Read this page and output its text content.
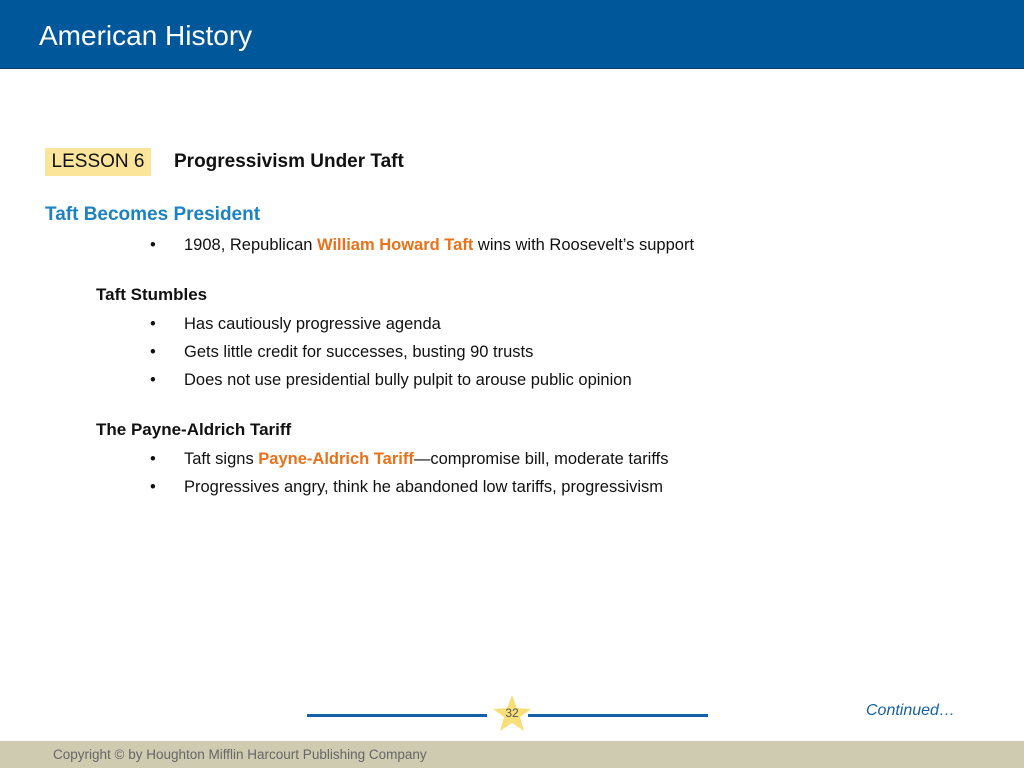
American History
LESSON 6	Progressivism Under Taft
Taft Becomes President
•	1908, Republican William Howard Taft wins with Roosevelt’s support
Taft Stumbles
•	Has cautiously progressive agenda
•	Gets little credit for successes, busting 90 trusts
•	Does not use presidential bully pulpit to arouse public opinion
The Payne-Aldrich Tariff
•	Taft signs Payne-Aldrich Tariff—compromise bill, moderate tariffs
•	Progressives angry, think he abandoned low tariffs, progressivism
32	Continued…
Copyright © by Houghton Mifflin Harcourt Publishing Company
